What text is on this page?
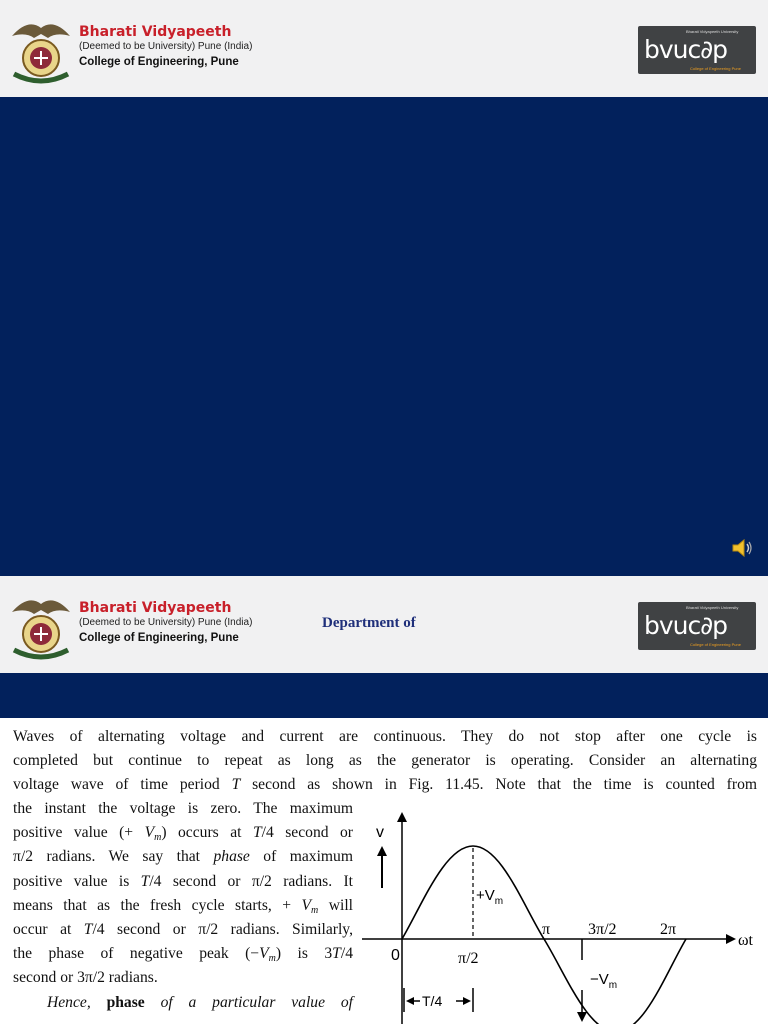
Bharati Vidyapeeth
(Deemed to be University) Pune (India)
College of Engineering, Pune
Bharati Vidyapeeth University
bvuc∂p
College of Engineering Pune
Bharati Vidyapeeth
(Deemed to be University) Pune (India)
College of Engineering, Pune
Bharati Vidyapeeth University
bvuc∂p
College of Engineering Pune
Department of
Waves of alternating voltage and current are continuous. They do not stop after one cycle is
completed but continue to repeat as long as the generator is operating. Consider an alternating
voltage wave of time period T second as shown in Fig. 11.45. Note that the time is counted from
the instant the voltage is zero. The maximum
positive value (+ $V_m$) occurs at T/4 second or
π/2 radians. We say that phase of maximum
positive value is T/4 second or π/2 radians. It
means that as the fresh cycle starts, + $V_m$ will
occur at T/4 second or π/2 radians. Similarly,
the phase of negative peak $(-V_m)$ is 3T/4
second or 3π/2 radians.
Hence, phase of a particular value of
v
0	π/2
π 3π/2	2π
ωt
$+V_m$
$-V_m$
T/4
